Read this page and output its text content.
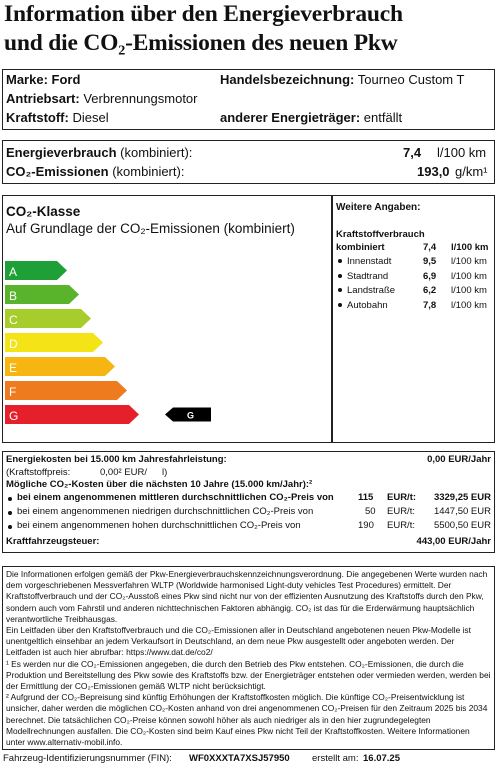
Information über den Energieverbrauch
und die CO₂-Emissionen des neuen Pkw
Marke: Ford	Handelsbezeichnung: Tourneo Custom T
Antriebsart: Verbrennungsmotor
Kraftstoff: Diesel	anderer Energieträger: entfällt
Energieverbrauch (kombiniert):	7,4 l/100 km
CO₂-Emissionen (kombiniert):	193,0 g/km¹
CO₂-Klasse
Auf Grundlage der CO₂-Emissionen (kombiniert)
A
B
C
D
E
F
G	G
Weitere Angaben:
Kraftstoffverbrauch
kombiniert	7,4 l/100 km
Innenstadt	9,5 l/100 km
Stadtrand	6,9 l/100 km
Landstraße	6,2 l/100 km
Autobahn	7,8 l/100 km
Energiekosten bei 15.000 km Jahresfahrleistung:	0,00 EUR/Jahr
(Kraftstoffpreis:	0,00² EUR/ l)
Mögliche CO₂-Kosten über die nächsten 10 Jahre (15.000 km/Jahr):²
Kraftfahrzeugsteuer:	443,00 EUR/Jahr
bei einem angenommenen mittleren durchschnittlichen CO₂-Preis von	115 EUR/t: 3329,25 EUR
bei einem angenommenen niedrigen durchschnittlichen CO₂-Preis von	50 EUR/t: 1447,50 EUR
bei einem angenommenen hohen durchschnittlichen CO₂-Preis von	190 EUR/t: 5500,50 EUR

Die Informationen erfolgen gemäß der Pkw-Energieverbrauchskennzeichnungsverordnung. Die angegebenen Werte wurden nach dem vorgeschriebenen Messverfahren WLTP (Worldwide harmonised Light-duty vehicles Test Procedures) ermittelt. Der Kraftstoffverbrauch und der CO₂-Ausstoß eines Pkw sind nicht nur von der effizienten Ausnutzung des Kraftstoffs durch den Pkw, sondern auch vom Fahrstil und anderen nichttechnischen Faktoren abhängig. CO₂ ist das für die Erderwärmung hauptsächlich verantwortliche Treibhausgas.

Ein Leitfaden über den Kraftstoffverbrauch und die CO₂-Emissionen aller in Deutschland angebotenen neuen Pkw-Modelle ist unentgeltlich einsehbar an jedem Verkaufsort in Deutschland, an dem neue Pkw ausgestellt oder angeboten werden. Der Leitfaden ist auch hier abrufbar: https://www.dat.de/co2/

¹ Es werden nur die CO₂-Emissionen angegeben, die durch den Betrieb des Pkw entstehen. CO₂-Emissionen, die durch die Produktion und Bereitstellung des Pkw sowie des Kraftstoffs bzw. der Energieträger entstehen oder vermieden werden, werden bei der Ermittlung der CO₂-Emissionen gemäß WLTP nicht berücksichtigt.

² Aufgrund der CO₂-Bepreisung sind künftig Erhöhungen der Kraftstoffkosten möglich. Die künftige CO₂-Preisentwicklung ist unsicher, daher werden die möglichen CO₂-Kosten anhand von drei angenommenen CO₂-Preisen für den Zeitraum 2025 bis 2034 berechnet. Die tatsächlichen CO₂-Preise können sowohl höher als auch niedriger als in den hier zugrundegelegten Modellrechnungen ausfallen. Die CO₂-Kosten sind beim Kauf eines Pkw nicht Teil der Kraftstoffkosten. Weitere Informationen unter www.alternativ-mobil.info.

Fahrzeug-Identifizierungsnummer (FIN): WF0XXXTA7XSJ57950 erstellt am: 16.07.25
